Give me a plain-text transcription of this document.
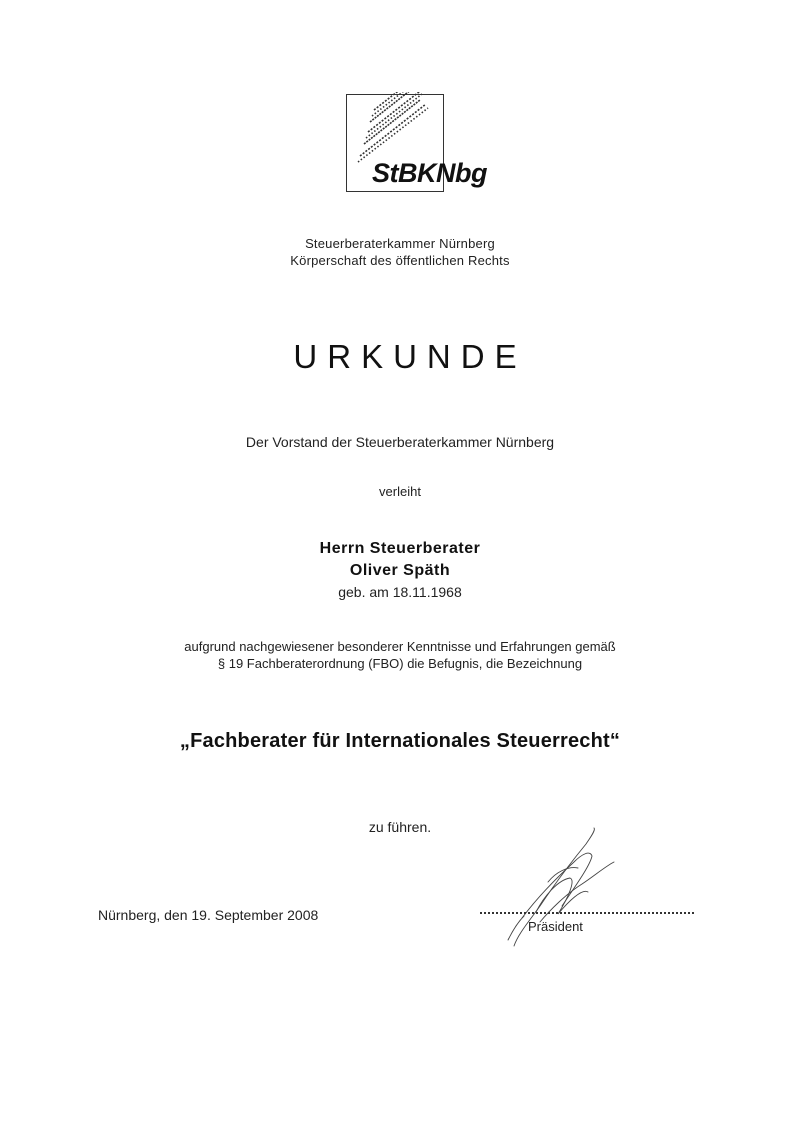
StBKNbg
Steuerberaterkammer Nürnberg
Körperschaft des öffentlichen Rechts
URKUNDE
Der Vorstand der Steuerberaterkammer Nürnberg
verleiht
Herrn Steuerberater
Oliver Späth
geb. am 18.11.1968
aufgrund nachgewiesener besonderer Kenntnisse und Erfahrungen gemäß
§ 19 Fachberaterordnung (FBO) die Befugnis, die Bezeichnung
„Fachberater für Internationales Steuerrecht“
zu führen.
Nürnberg, den 19. September 2008
Präsident
